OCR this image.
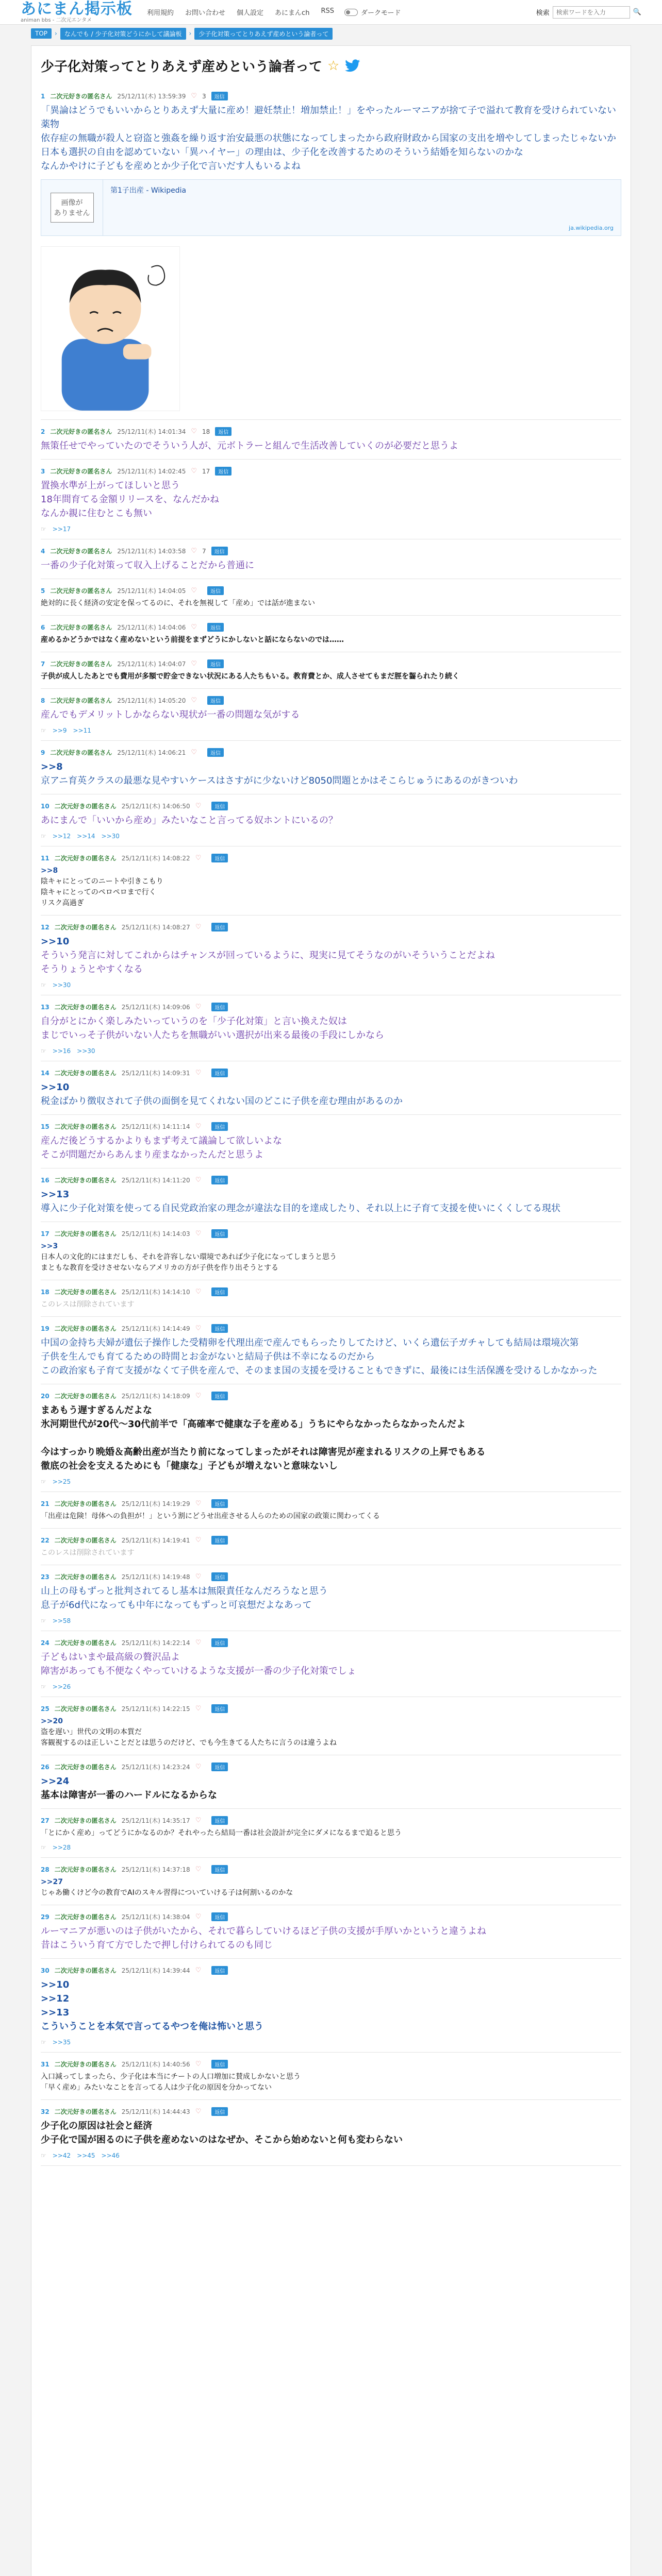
あにまん掲示板
animan bbs - 二次元エンタメ
利用規約 お問い合わせ 個人設定 あにまんch RSS	ダークモード	検索
検索ワードを入力	🔍
TOP	›	なんでも / 少子化対策どうにかして議論板	›	少子化対策ってとりあえず産めという論者って
少子化対策ってとりあえず産めという論者って ☆
1 二次元好きの匿名さん 25/12/11(木) 13:59:39 ♡ 3	返信
「異論はどうでもいいからとりあえず大量に産め！避妊禁止！増加禁止！」をやったルーマニアが捨て子で溢れて教育を受けられていない薬物
依存症の無職が殺人と窃盗と強姦を繰り返す治安最悪の状態になってしまったから政府財政から国家の支出を増やしてしまったじゃないか
日本も選択の自由を認めていない「異ハイヤー」の理由は、少子化を改善するためのそういう結婚を知らないのかな
なんかやけに子どもを産めとか少子化で言いだす人もいるよね
画像が
ありません
第1子出産 - Wikipedia
ja.wikipedia.org
2 二次元好きの匿名さん 25/12/11(木) 14:01:34 ♡ 18	返信
無策任せでやっていたのでそういう人が、元ボトラーと組んで生活改善していくのが必要だと思うよ
3 二次元好きの匿名さん 25/12/11(木) 14:02:45 ♡ 17	返信
置換水準が上がってほしいと思う
18年間育てる金額リリースを、なんだかね
なんか親に住むとこも無い
☞ >>17
4 二次元好きの匿名さん 25/12/11(木) 14:03:58 ♡ 7	返信
一番の少子化対策って収入上げることだから普通に
5 二次元好きの匿名さん 25/12/11(木) 14:04:05 ♡	返信
絶対的に長く経済の安定を保ってるのに、それを無視して「産め」では話が進まない
6 二次元好きの匿名さん 25/12/11(木) 14:04:06 ♡	返信
産めるかどうかではなく産めないという前提をまずどうにかしないと話にならないのでは……
7 二次元好きの匿名さん 25/12/11(木) 14:04:07 ♡	返信
子供が成人したあとでも費用が多額で貯金できない状況にある人たちもいる。教育費とか、成人させてもまだ脛を齧られたり続く
8 二次元好きの匿名さん 25/12/11(木) 14:05:20 ♡	返信
産んでもデメリットしかならない現状が一番の問題な気がする
☞ >>9 >>11
9 二次元好きの匿名さん 25/12/11(木) 14:06:21 ♡	返信
>>8
京アニ育英クラスの最悪な見やすいケースはさすがに少ないけど8050問題とかはそこらじゅうにあるのがきついわ
10 二次元好きの匿名さん 25/12/11(木) 14:06:50 ♡	返信
あにまんで「いいから産め」みたいなこと言ってる奴ホントにいるの？
☞ >>12 >>14 >>30
11 二次元好きの匿名さん 25/12/11(木) 14:08:22 ♡	返信
>>8
陰キャにとってのニートや引きこもり
陰キャにとってのペロペロまで行く
リスク高過ぎ
12 二次元好きの匿名さん 25/12/11(木) 14:08:27 ♡	返信
>>10
そういう発言に対してこれからはチャンスが回っているように、現実に見てそうなのがいそういうことだよね
そうりょうとやすくなる
☞ >>30
13 二次元好きの匿名さん 25/12/11(木) 14:09:06 ♡	返信
自分がとにかく楽しみたいっていうのを「少子化対策」と言い換えた奴は
まじでいっそ子供がいない人たちを無職がいい選択が出来る最後の手段にしかなら
☞ >>16 >>30
14 二次元好きの匿名さん 25/12/11(木) 14:09:31 ♡	返信
>>10
税金ばかり徴収されて子供の面倒を見てくれない国のどこに子供を産む理由があるのか
15 二次元好きの匿名さん 25/12/11(木) 14:11:14 ♡	返信
産んだ後どうするかよりもまず考えて議論して欲しいよな
そこが問題だからあんまり産まなかったんだと思うよ
16 二次元好きの匿名さん 25/12/11(木) 14:11:20 ♡	返信
>>13
導入に少子化対策を使ってる自民党政治家の理念が違法な目的を達成したり、それ以上に子育て支援を使いにくくしてる現状
17 二次元好きの匿名さん 25/12/11(木) 14:14:03 ♡	返信
>>3
日本人の文化的にはまだしも、それを許容しない環境であれば少子化になってしまうと思う
まともな教育を受けさせないならアメリカの方が子供を作り出そうとする
18 二次元好きの匿名さん 25/12/11(木) 14:14:10 ♡	返信
このレスは削除されています
19 二次元好きの匿名さん 25/12/11(木) 14:14:49 ♡	返信
中国の金持ち夫婦が遺伝子操作した受精卵を代理出産で産んでもらったりしてたけど、いくら遺伝子ガチャしても結局は環境次第
子供を生んでも育てるための時間とお金がないと結局子供は不幸になるのだから
この政治家も子育て支援がなくて子供を産んで、そのまま国の支援を受けることもできずに、最後には生活保護を受けるしかなかった
20 二次元好きの匿名さん 25/12/11(木) 14:18:09 ♡	返信
まあもう遅すぎるんだよな
氷河期世代が20代〜30代前半で「高確率で健康な子を産める」うちにやらなかったらなかったんだよ

今はすっかり晩婚＆高齢出産が当たり前になってしまったがそれは障害児が産まれるリスクの上昇でもある
徹底の社会を支えるためにも「健康な」子どもが増えないと意味ないし
☞ >>25
21 二次元好きの匿名さん 25/12/11(木) 14:19:29 ♡	返信
「出産は危険！母体への負担が！」という割にどうせ出産させる人らのための国家の政策に関わってくる
22 二次元好きの匿名さん 25/12/11(木) 14:19:41 ♡	返信
このレスは削除されています
23 二次元好きの匿名さん 25/12/11(木) 14:19:48 ♡	返信
山上の母もずっと批判されてるし基本は無限責任なんだろうなと思う
息子が6d代になっても中年になってもずっと可哀想だよなあって
☞ >>58
24 二次元好きの匿名さん 25/12/11(木) 14:22:14 ♡	返信
子どもはいまや最高級の贅沢品よ
障害があっても不便なくやっていけるような支援が一番の少子化対策でしょ
☞ >>26
25 二次元好きの匿名さん 25/12/11(木) 14:22:15 ♡	返信
>>20
盗を遅い」世代の文明の本質だ
客観視するのは正しいことだとは思うのだけど、でも今生きてる人たちに言うのは違うよね
26 二次元好きの匿名さん 25/12/11(木) 14:23:24 ♡	返信
>>24
基本は障害が一番のハードルになるからな
27 二次元好きの匿名さん 25/12/11(木) 14:35:17 ♡	返信
「とにかく産め」ってどうにかなるのか？それやったら結局一番は社会設計が完全にダメになるまで迫ると思う
☞ >>28
28 二次元好きの匿名さん 25/12/11(木) 14:37:18 ♡	返信
>>27
じゃあ働くけど今の教育でAIのスキル習得についていける子は何割いるのかな
29 二次元好きの匿名さん 25/12/11(木) 14:38:04 ♡	返信
ルーマニアが悪いのは子供がいたから、それで暮らしていけるほど子供の支援が手厚いかというと違うよね
昔はこういう育て方でしたで押し付けられてるのも同じ
30 二次元好きの匿名さん 25/12/11(木) 14:39:44 ♡	返信
>>10
>>12
>>13
こういうことを本気で言ってるやつを俺は怖いと思う
☞ >>35
31 二次元好きの匿名さん 25/12/11(木) 14:40:56 ♡	返信
入口減ってしまったら、少子化は本当にチートの人口増加に賛成しかないと思う
「早く産め」みたいなことを言ってる人は少子化の原因を分かってない
32 二次元好きの匿名さん 25/12/11(木) 14:44:43 ♡	返信
少子化の原因は社会と経済
少子化で国が困るのに子供を産めないのはなぜか、そこから始めないと何も変わらない
☞ >>42 >>45 >>46
